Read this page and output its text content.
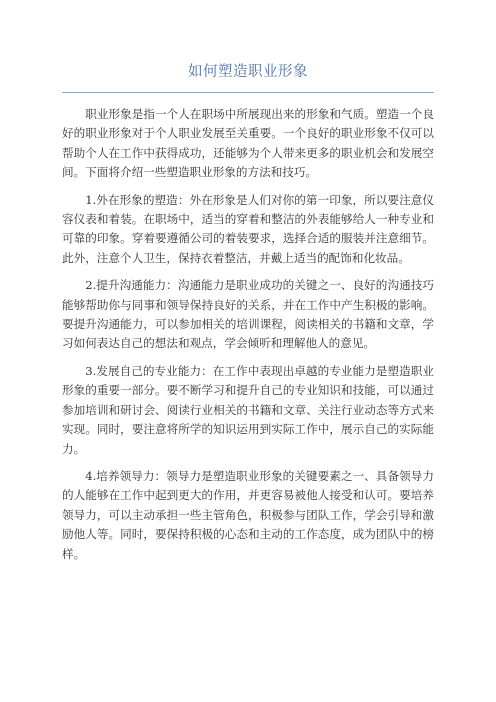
如何塑造职业形象

职业形象是指一个人在职场中所展现出来的形象和气质。塑造一个良好的职业形象对于个人职业发展至关重要。一个良好的职业形象不仅可以帮助个人在工作中获得成功，还能够为个人带来更多的职业机会和发展空间。下面将介绍一些塑造职业形象的方法和技巧。

1.外在形象的塑造：外在形象是人们对你的第一印象，所以要注意仪容仪表和着装。在职场中，适当的穿着和整洁的外表能够给人一种专业和可靠的印象。穿着要遵循公司的着装要求，选择合适的服装并注意细节。此外，注意个人卫生，保持衣着整洁，并戴上适当的配饰和化妆品。

2.提升沟通能力：沟通能力是职业成功的关键之一、良好的沟通技巧能够帮助你与同事和领导保持良好的关系，并在工作中产生积极的影响。要提升沟通能力，可以参加相关的培训课程，阅读相关的书籍和文章，学习如何表达自己的想法和观点，学会倾听和理解他人的意见。

3.发展自己的专业能力：在工作中表现出卓越的专业能力是塑造职业形象的重要一部分。要不断学习和提升自己的专业知识和技能，可以通过参加培训和研讨会、阅读行业相关的书籍和文章、关注行业动态等方式来实现。同时，要注意将所学的知识运用到实际工作中，展示自己的实际能力。

4.培养领导力：领导力是塑造职业形象的关键要素之一、具备领导力的人能够在工作中起到更大的作用，并更容易被他人接受和认可。要培养领导力，可以主动承担一些主管角色，积极参与团队工作，学会引导和激励他人等。同时，要保持积极的心态和主动的工作态度，成为团队中的榜样。
